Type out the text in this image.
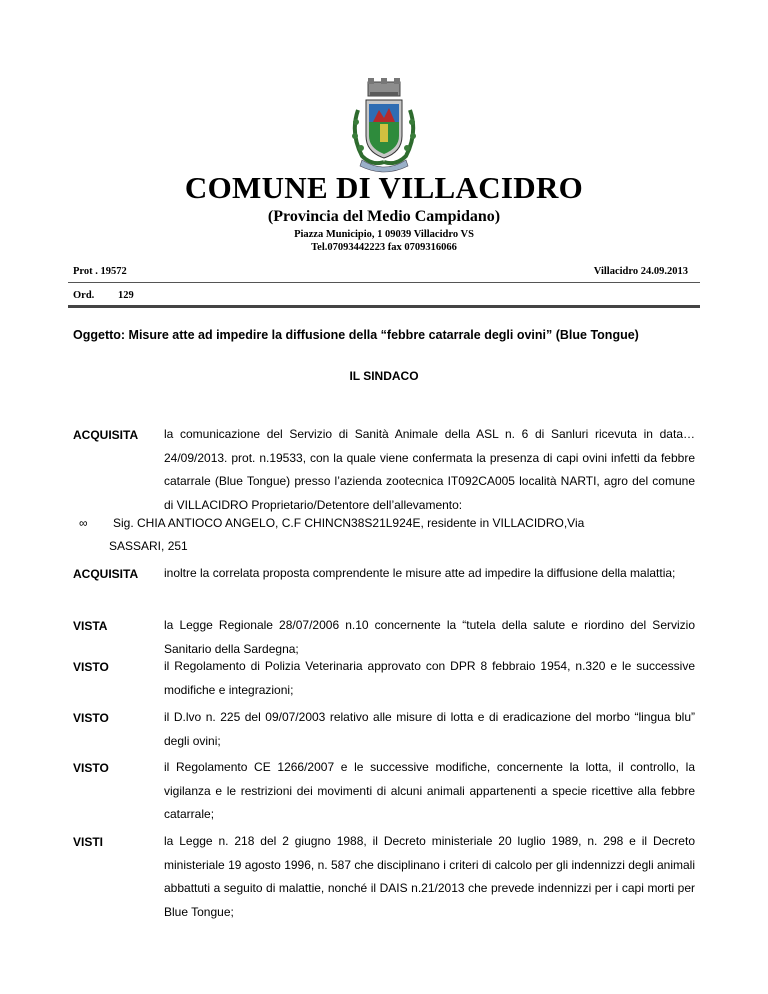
COMUNE DI VILLACIDRO
(Provincia del Medio Campidano)
Piazza Municipio, 1 09039 Villacidro VS
Tel.07093442223 fax 0709316066
Prot . 19572	Villacidro 24.09.2013
Ord. 129
Oggetto: Misure atte ad impedire la diffusione della “febbre catarrale degli ovini” (Blue Tongue)
IL SINDACO
ACQUISITA la comunicazione del Servizio di Sanità Animale della ASL n. 6 di Sanluri ricevuta in data…24/09/2013. prot. n.19533, con la quale viene confermata la presenza di capi ovini infetti da febbre catarrale (Blue Tongue) presso l’azienda zootecnica IT092CA005 località NARTI, agro del comune di VILLACIDRO Proprietario/Detentore dell’allevamento:
∞ Sig. CHIA ANTIOCO ANGELO, C.F CHINCN38S21L924E, residente in VILLACIDRO,Via
SASSARI, 251
ACQUISITA inoltre la correlata proposta comprendente le misure atte ad impedire la diffusione della malattia;
VISTA	la Legge Regionale 28/07/2006 n.10 concernente la “tutela della salute e riordino del Servizio Sanitario della Sardegna;
VISTO	il Regolamento di Polizia Veterinaria approvato con DPR 8 febbraio 1954, n.320 e le successive modifiche e integrazioni;
VISTO	il D.lvo n. 225 del 09/07/2003 relativo alle misure di lotta e di eradicazione del morbo “lingua blu” degli ovini;
VISTO	il Regolamento CE 1266/2007 e le successive modifiche, concernente la lotta, il controllo, la vigilanza e le restrizioni dei movimenti di alcuni animali appartenenti a specie ricettive alla febbre catarrale;
VISTI	la Legge n. 218 del 2 giugno 1988, il Decreto ministeriale 20 luglio 1989, n. 298 e il Decreto ministeriale 19 agosto 1996, n. 587 che disciplinano i criteri di calcolo per gli indennizzi degli animali abbattuti a seguito di malattie, nonché il DAIS n.21/2013 che prevede indennizzi per i capi morti per Blue Tongue;
